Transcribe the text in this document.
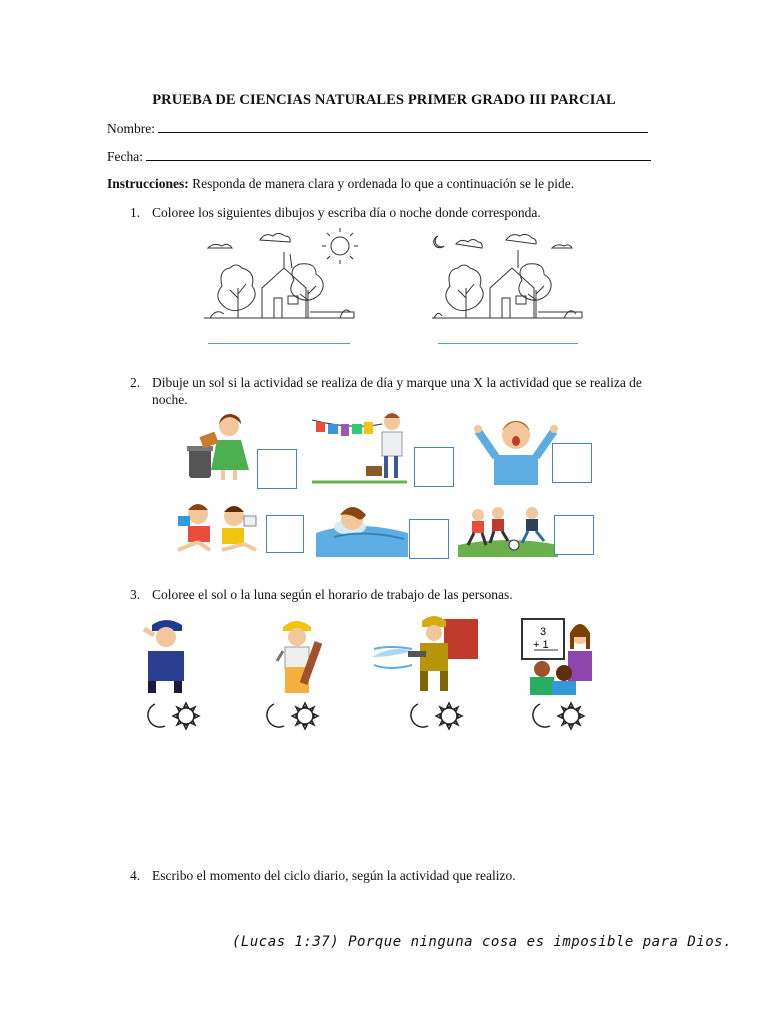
PRUEBA DE CIENCIAS NATURALES PRIMER GRADO III PARCIAL
Nombre:
Fecha:
Instrucciones: Responda de manera clara y ordenada lo que a continuación se le pide.
1. Coloree los siguientes dibujos y escriba día o noche donde corresponda.
2. Dibuje un sol si la actividad se realiza de día y marque una X la actividad que se realiza de
noche.
3. Coloree el sol o la luna según el horario de trabajo de las personas.
3
+ 1
4. Escribo el momento del ciclo diario, según la actividad que realizo.
(Lucas 1:37) Porque ninguna cosa es imposible para Dios.
